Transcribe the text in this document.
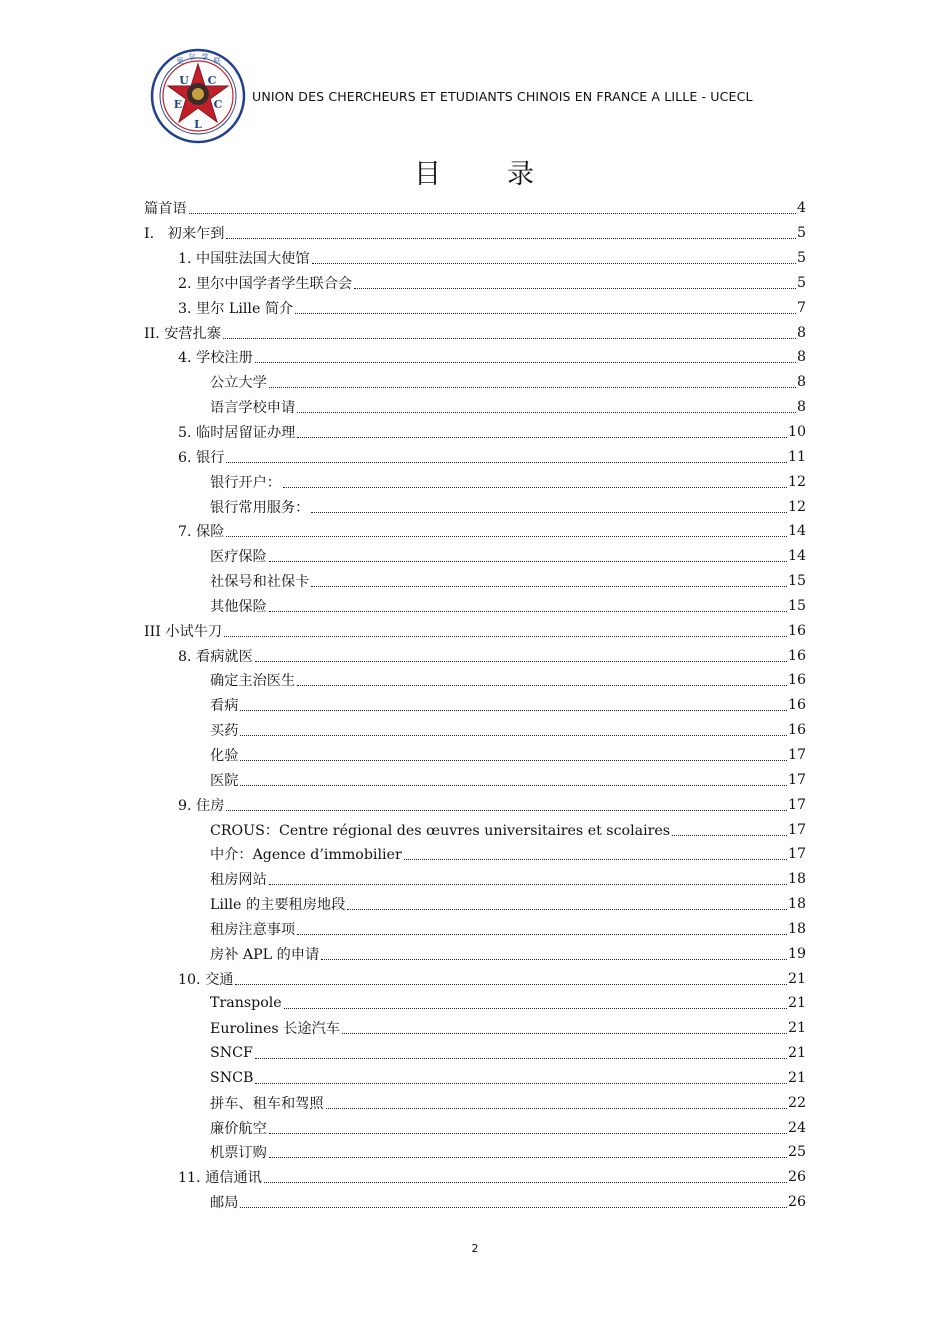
里 尔 学 联
U C
E	C
L
UNION DES CHERCHEURS ET ETUDIANTS CHINOIS EN FRANCE A LILLE - UCECL
目 录
篇首语	4
I.   初来乍到	5
1. 中国驻法国大使馆	5
2. 里尔中国学者学生联合会	5
3. 里尔 Lille 简介	7
II. 安营扎寨	8
4. 学校注册	8
公立大学	8
语言学校申请	8
5. 临时居留证办理	10
6. 银行	11
银行开户：	12
银行常用服务：	12
7. 保险	14
医疗保险	14
社保号和社保卡	15
其他保险	15
III 小试牛刀	16
8. 看病就医	16
确定主治医生	16
看病	16
买药	16
化验	17
医院	17
9. 住房	17
CROUS：Centre régional des œuvres universitaires et scolaires	17
中介：Agence d’immobilier	17
租房网站	18
Lille 的主要租房地段	18
租房注意事项	18
房补 APL 的申请	19
10. 交通	21
Transpole	21
Eurolines 长途汽车	21
SNCF	21
SNCB	21
拼车、租车和驾照	22
廉价航空	24
机票订购	25
11. 通信通讯	26
邮局	26
2
